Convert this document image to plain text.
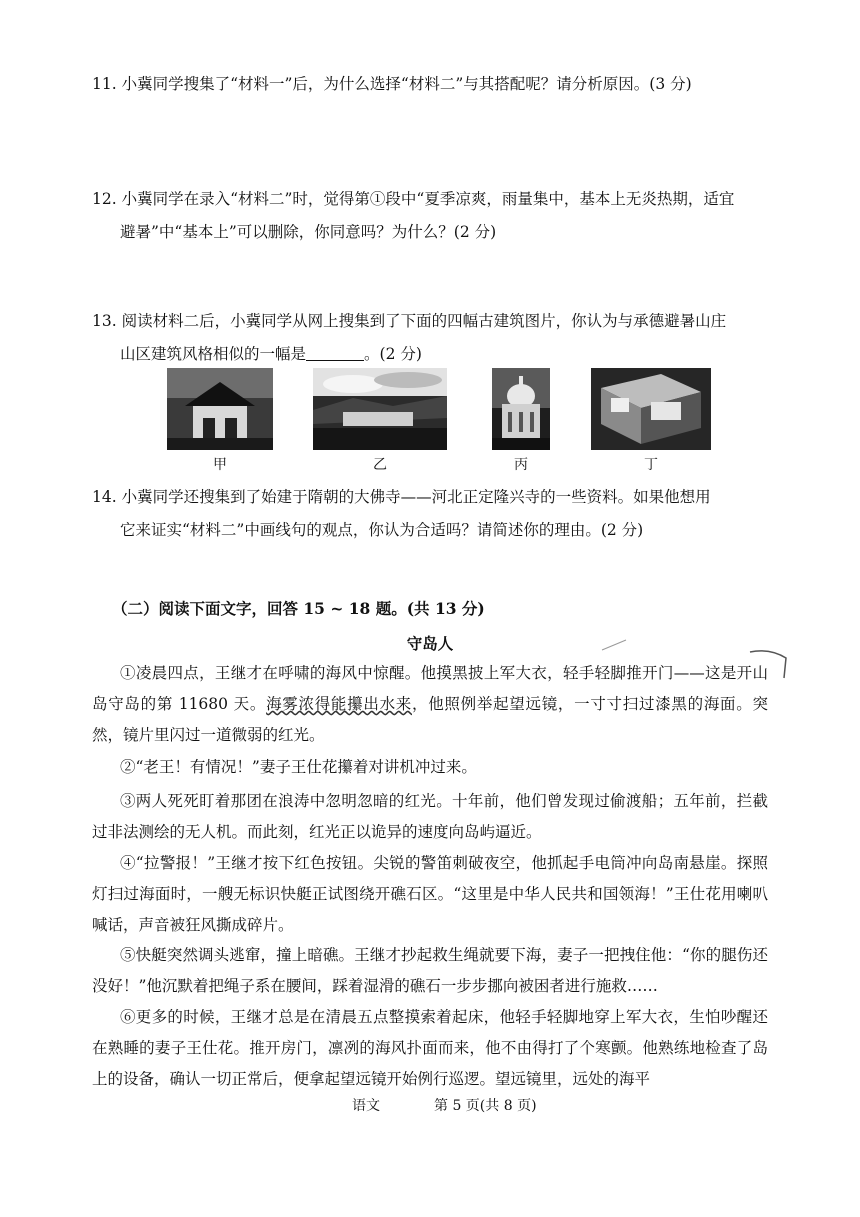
11. 小冀同学搜集了“材料一”后，为什么选择“材料二”与其搭配呢？请分析原因。(3 分)
12. 小冀同学在录入“材料二”时，觉得第①段中“夏季凉爽，雨量集中，基本上无炎热期，适宜

避暑”中“基本上”可以删除，你同意吗？为什么？(2 分)
13. 阅读材料二后，小冀同学从网上搜集到了下面的四幅古建筑图片，你认为与承德避暑山庄

山区建筑风格相似的一幅是	。(2 分)
甲	乙	丙	丁
14. 小冀同学还搜集到了始建于隋朝的大佛寺——河北正定隆兴寺的一些资料。如果他想用

它来证实“材料二”中画线句的观点，你认为合适吗？请简述你的理由。(2 分)
（二）阅读下面文字，回答 15 ~ 18 题。(共 13 分)
守岛人
①凌晨四点，王继才在呼啸的海风中惊醒。他摸黑披上军大衣，轻手轻脚推开门——这是开山岛守岛的第 11680 天。海雾浓得能攥出水来，他照例举起望远镜，一寸寸扫过漆黑的海面。突然，镜片里闪过一道微弱的红光。
②“老王！有情况！”妻子王仕花攥着对讲机冲过来。
③两人死死盯着那团在浪涛中忽明忽暗的红光。十年前，他们曾发现过偷渡船；五年前，拦截过非法测绘的无人机。而此刻，红光正以诡异的速度向岛屿逼近。
④“拉警报！”王继才按下红色按钮。尖锐的警笛刺破夜空，他抓起手电筒冲向岛南悬崖。探照灯扫过海面时，一艘无标识快艇正试图绕开礁石区。“这里是中华人民共和国领海！”王仕花用喇叭喊话，声音被狂风撕成碎片。
⑤快艇突然调头逃窜，撞上暗礁。王继才抄起救生绳就要下海，妻子一把拽住他：“你的腿伤还没好！”他沉默着把绳子系在腰间，踩着湿滑的礁石一步步挪向被困者进行施救……
⑥更多的时候，王继才总是在清晨五点整摸索着起床，他轻手轻脚地穿上军大衣，生怕吵醒还在熟睡的妻子王仕花。推开房门，凛冽的海风扑面而来，他不由得打了个寒颤。他熟练地检查了岛上的设备，确认一切正常后，便拿起望远镜开始例行巡逻。望远镜里，远处的海平
语文	第 5 页(共 8 页)
